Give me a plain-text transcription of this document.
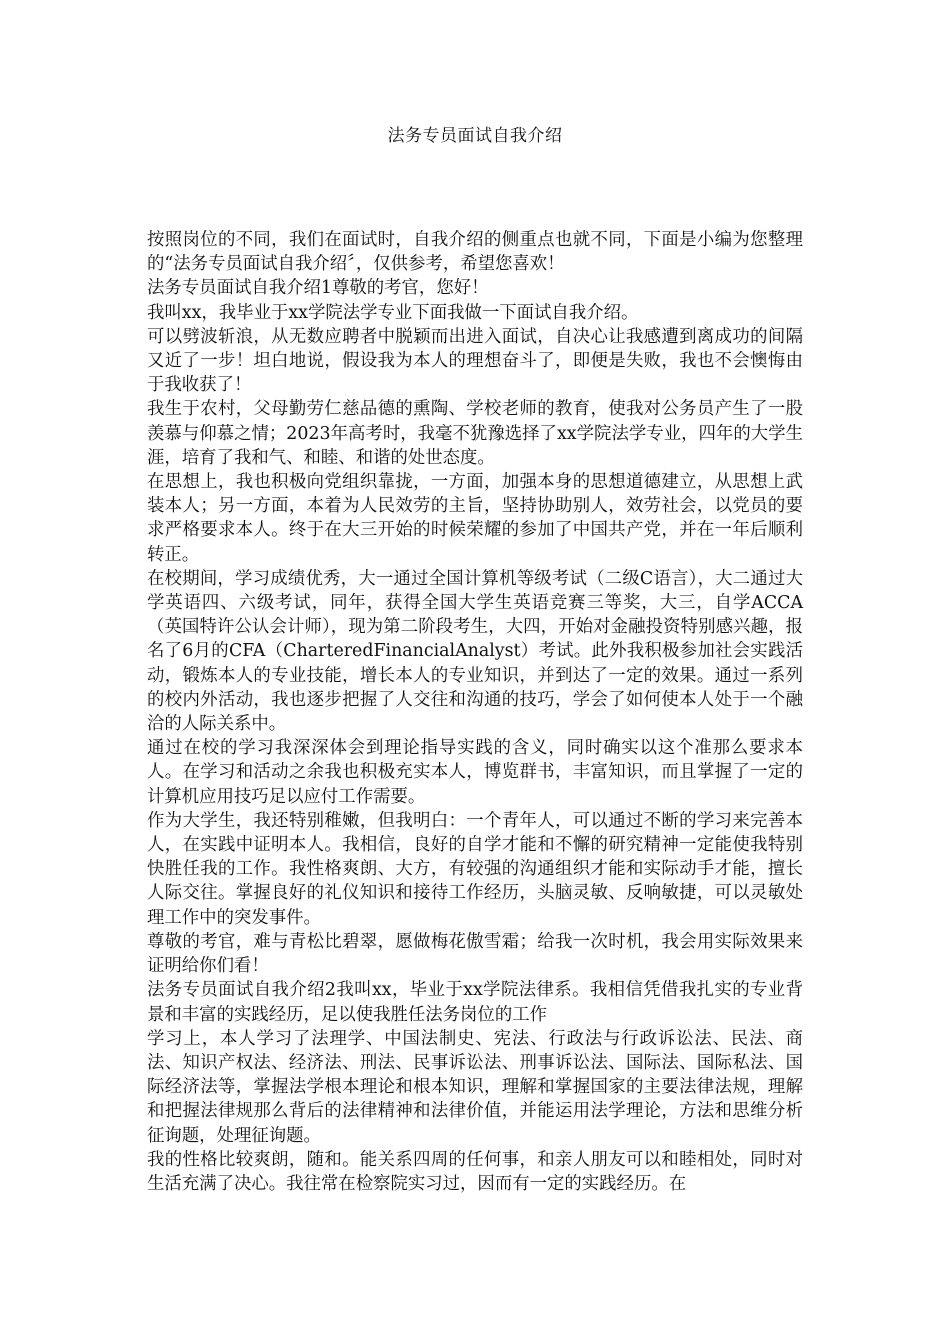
法务专员面试自我介绍

按照岗位的不同，我们在面试时，自我介绍的侧重点也就不同，下面是小编为您整理的“法务专员面试自我介绍〞，仅供参考，希望您喜欢！

法务专员面试自我介绍1尊敬的考官，您好！

我叫xx，我毕业于xx学院法学专业下面我做一下面试自我介绍。

可以劈波斩浪，从无数应聘者中脱颖而出进入面试，自决心让我感遭到离成功的间隔又近了一步！坦白地说，假设我为本人的理想奋斗了，即便是失败，我也不会懊悔由于我收获了！

我生于农村，父母勤劳仁慈品德的熏陶、学校老师的教育，使我对公务员产生了一股羡慕与仰慕之情；2023年高考时，我毫不犹豫选择了xx学院法学专业，四年的大学生涯，培育了我和气、和睦、和谐的处世态度。

在思想上，我也积极向党组织靠拢，一方面，加强本身的思想道德建立，从思想上武装本人；另一方面，本着为人民效劳的主旨，坚持协助别人，效劳社会，以党员的要求严格要求本人。终于在大三开始的时候荣耀的参加了中国共产党，并在一年后顺利转正。

在校期间，学习成绩优秀，大一通过全国计算机等级考试（二级C语言），大二通过大学英语四、六级考试，同年，获得全国大学生英语竞赛三等奖，大三，自学ACCA（英国特许公认会计师），现为第二阶段考生，大四，开始对金融投资特别感兴趣，报名了6月的CFA（CharteredFinancialAnalyst）考试。此外我积极参加社会实践活动，锻炼本人的专业技能，增长本人的专业知识，并到达了一定的效果。通过一系列的校内外活动，我也逐步把握了人交往和沟通的技巧，学会了如何使本人处于一个融洽的人际关系中。

通过在校的学习我深深体会到理论指导实践的含义，同时确实以这个准那么要求本人。在学习和活动之余我也积极充实本人，博览群书，丰富知识，而且掌握了一定的计算机应用技巧足以应付工作需要。

作为大学生，我还特别稚嫩，但我明白：一个青年人，可以通过不断的学习来完善本人，在实践中证明本人。我相信，良好的自学才能和不懈的研究精神一定能使我特别快胜任我的工作。我性格爽朗、大方，有较强的沟通组织才能和实际动手才能，擅长人际交往。掌握良好的礼仪知识和接待工作经历，头脑灵敏、反响敏捷，可以灵敏处理工作中的突发事件。

尊敬的考官，难与青松比碧翠，愿做梅花傲雪霜；给我一次时机，我会用实际效果来证明给你们看！

法务专员面试自我介绍2我叫xx，毕业于xx学院法律系。我相信凭借我扎实的专业背景和丰富的实践经历，足以使我胜任法务岗位的工作

学习上，本人学习了法理学、中国法制史、宪法、行政法与行政诉讼法、民法、商法、知识产权法、经济法、刑法、民事诉讼法、刑事诉讼法、国际法、国际私法、国际经济法等，掌握法学根本理论和根本知识，理解和掌握国家的主要法律法规，理解和把握法律规那么背后的法律精神和法律价值，并能运用法学理论，方法和思维分析征询题，处理征询题。

我的性格比较爽朗，随和。能关系四周的任何事，和亲人朋友可以和睦相处，同时对生活充满了决心。我往常在检察院实习过，因而有一定的实践经历。在
